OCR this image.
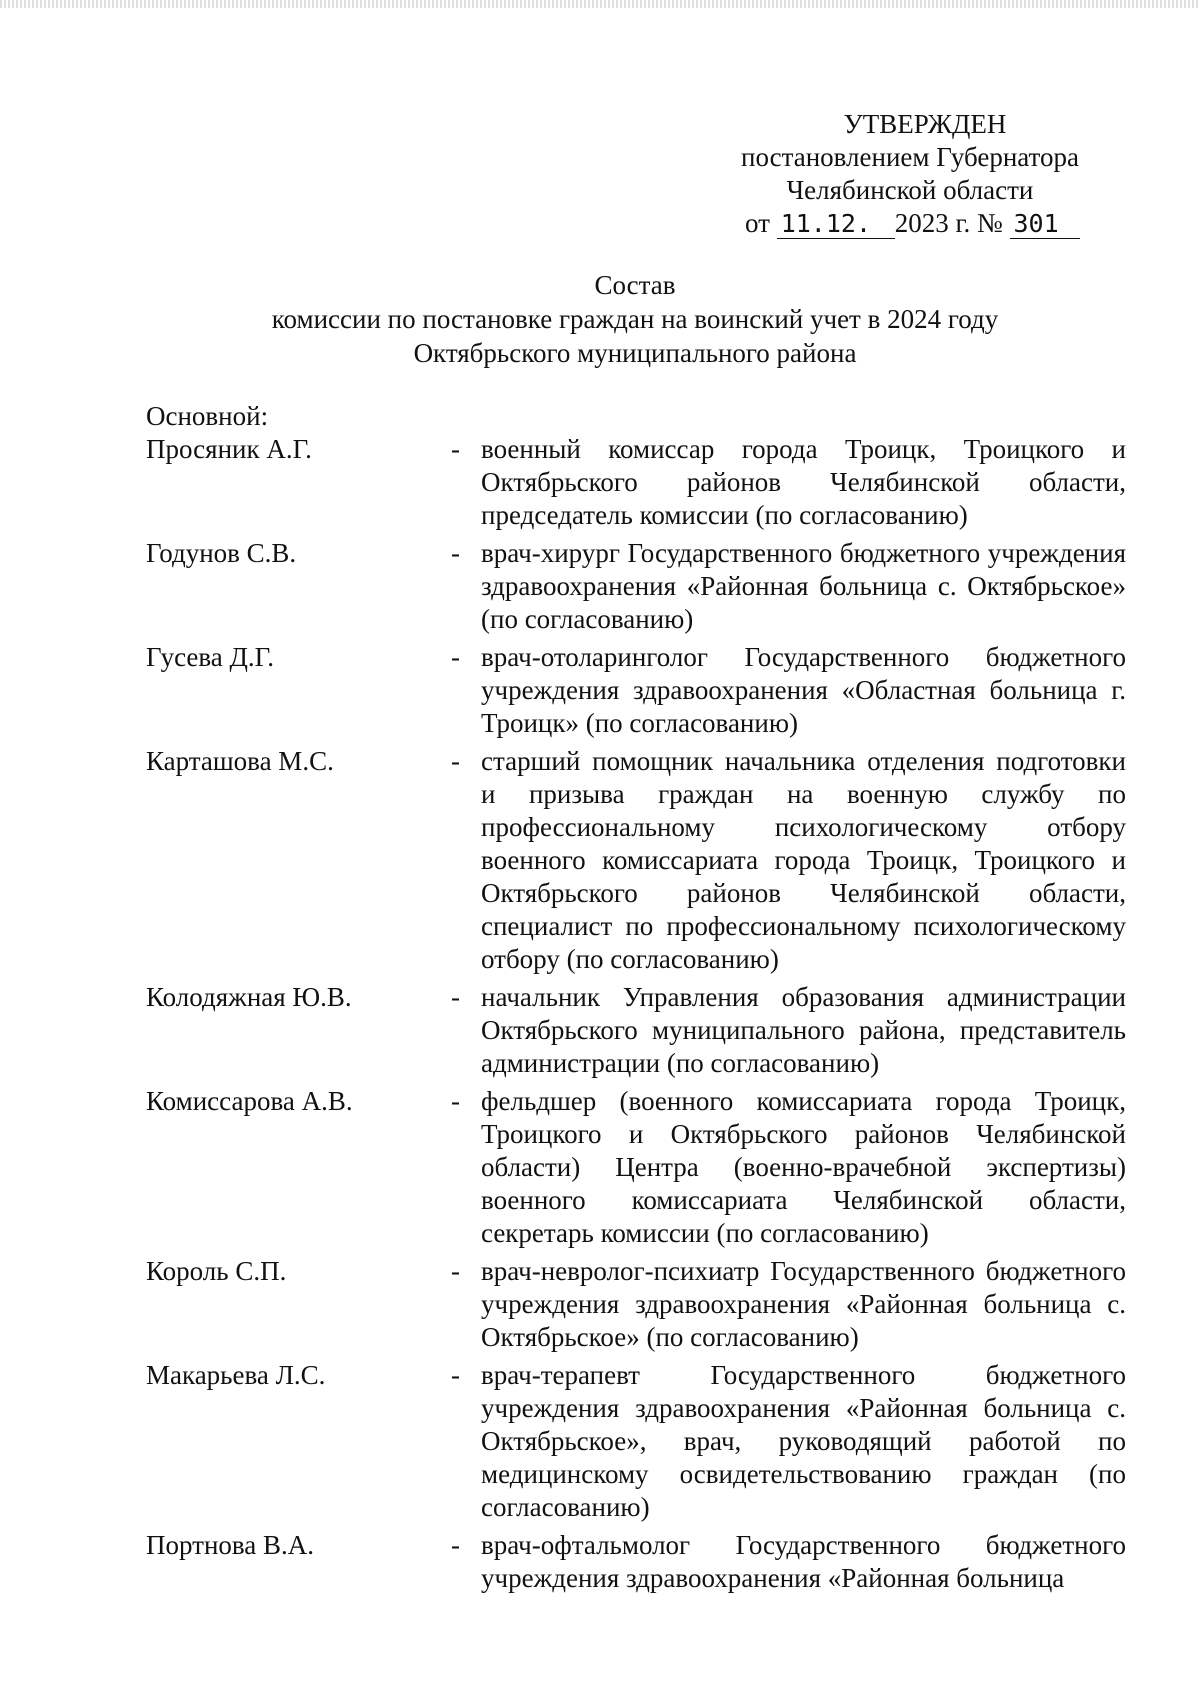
УТВЕРЖДЕН
постановлением Губернатора
Челябинской области
от 11.12. 2023 г. № 301
Состав
комиссии по постановке граждан на воинский учет в 2024 году
Октябрьского муниципального района
Основной:
Просяник А.Г.	- военный комиссар города Троицк, Троицкого и Октябрьского районов Челябинской области, председатель комиссии (по согласованию)
Годунов С.В.	- врач-хирург Государственного бюджетного учреждения здравоохранения «Районная больница с. Октябрьское» (по согласованию)
Гусева Д.Г.	- врач-отоларинголог Государственного бюджетного учреждения здравоохранения «Областная больница г. Троицк» (по согласованию)
Карташова М.С.	- старший помощник начальника отделения подготовки и призыва граждан на военную службу по профессиональному психологическому отбору военного комиссариата города Троицк, Троицкого и Октябрьского районов Челябинской области, специалист по профессиональному психологическому отбору (по согласованию)
Колодяжная Ю.В.	- начальник Управления образования администрации Октябрьского муниципального района, представитель администрации (по согласованию)
Комиссарова А.В.	- фельдшер (военного комиссариата города Троицк, Троицкого и Октябрьского районов Челябинской области) Центра (военно-врачебной экспертизы) военного комиссариата Челябинской области, секретарь комиссии (по согласованию)
Король С.П.	- врач-невролог-психиатр Государственного бюджетного учреждения здравоохранения «Районная больница с. Октябрьское» (по согласованию)
Макарьева Л.С.	- врач-терапевт Государственного бюджетного учреждения здравоохранения «Районная больница с. Октябрьское», врач, руководящий работой по медицинскому освидетельствованию граждан (по согласованию)
Портнова В.А.	- врач-офтальмолог Государственного бюджетного учреждения здравоохранения «Районная больница
